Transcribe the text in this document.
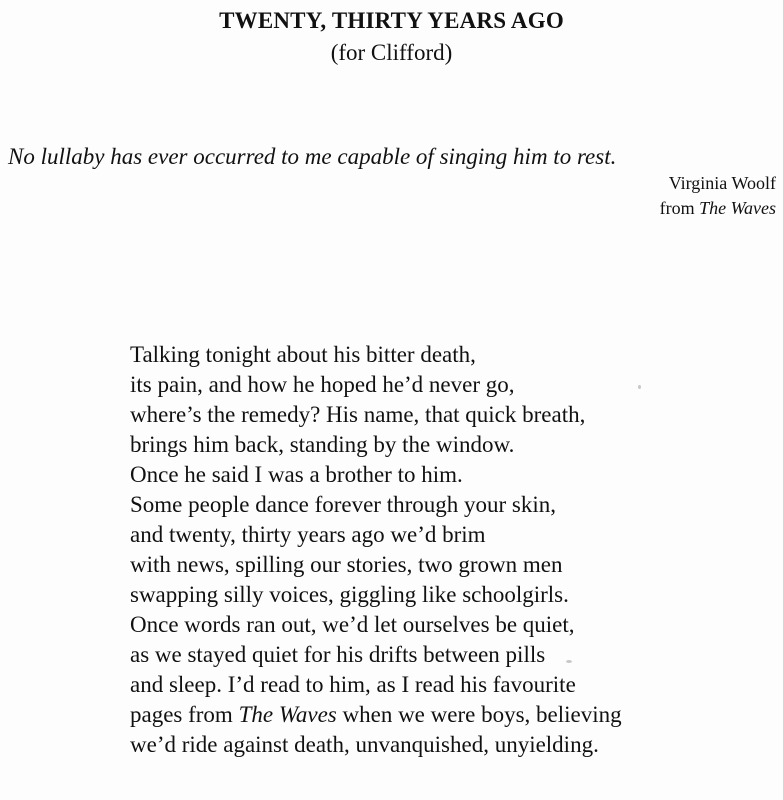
TWENTY, THIRTY YEARS AGO
(for Clifford)

No lullaby has ever occurred to me capable of singing him to rest.

Virginia Woolf
from The Waves
Talking tonight about his bitter death,
its pain, and how he hoped he’d never go,
where’s the remedy? His name, that quick breath,
brings him back, standing by the window.
Once he said I was a brother to him.
Some people dance forever through your skin,
and twenty, thirty years ago we’d brim
with news, spilling our stories, two grown men
swapping silly voices, giggling like schoolgirls.
Once words ran out, we’d let ourselves be quiet,
as we stayed quiet for his drifts between pills
and sleep. I’d read to him, as I read his favourite
pages from The Waves when we were boys, believing
we’d ride against death, unvanquished, unyielding.
